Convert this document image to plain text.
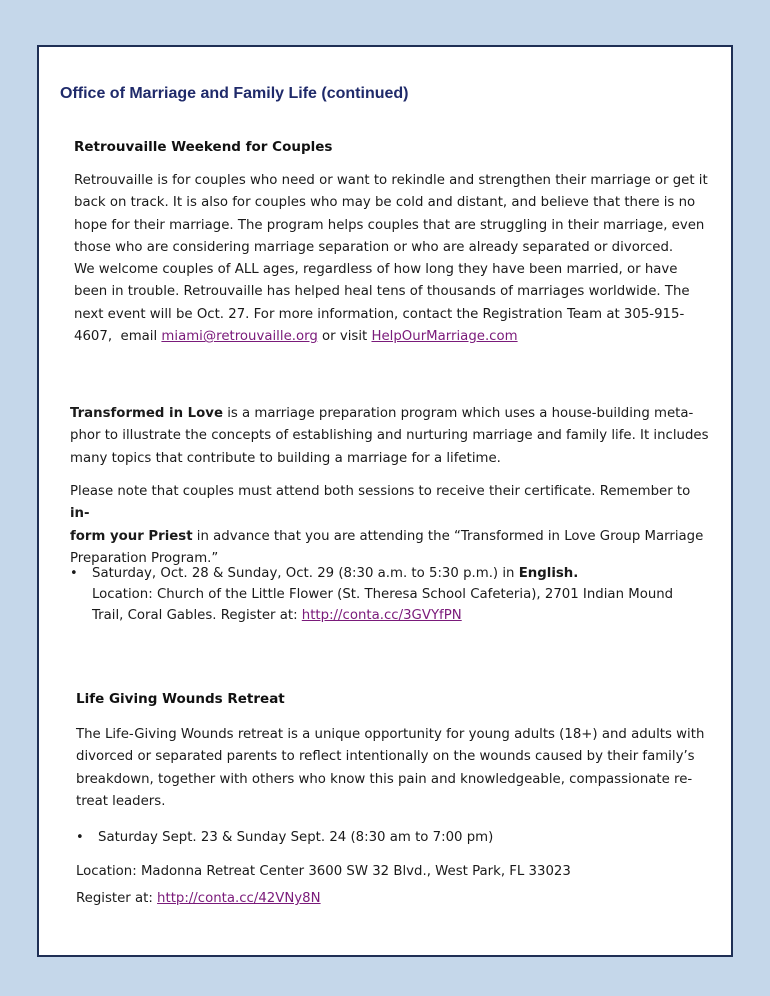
Office of Marriage and Family Life (continued)
Retrouvaille Weekend for Couples
Retrouvaille is for couples who need or want to rekindle and strengthen their marriage or get it
back on track. It is also for couples who may be cold and distant, and believe that there is no
hope for their marriage. The program helps couples that are struggling in their marriage, even
those who are considering marriage separation or who are already separated or divorced.
We welcome couples of ALL ages, regardless of how long they have been married, or have
been in trouble. Retrouvaille has helped heal tens of thousands of marriages worldwide. The
next event will be Oct. 27. For more information, contact the Registration Team at 305-915-
4607,  email miami@retrouvaille.org or visit HelpOurMarriage.com
Transformed in Love is a marriage preparation program which uses a house-building meta-
phor to illustrate the concepts of establishing and nurturing marriage and family life. It includes
many topics that contribute to building a marriage for a lifetime.
Please note that couples must attend both sessions to receive their certificate. Remember to in-
form your Priest in advance that you are attending the “Transformed in Love Group Marriage
Preparation Program.”
• Saturday, Oct. 28 & Sunday, Oct. 29 (8:30 a.m. to 5:30 p.m.) in English.
Location: Church of the Little Flower (St. Theresa School Cafeteria), 2701 Indian Mound
Trail, Coral Gables. Register at: http://conta.cc/3GVYfPN
Life Giving Wounds Retreat
The Life-Giving Wounds retreat is a unique opportunity for young adults (18+) and adults with
divorced or separated parents to reflect intentionally on the wounds caused by their family’s
breakdown, together with others who know this pain and knowledgeable, compassionate re-
treat leaders.
• Saturday Sept. 23 & Sunday Sept. 24 (8:30 am to 7:00 pm)
Location: Madonna Retreat Center 3600 SW 32 Blvd., West Park, FL 33023
Register at: http://conta.cc/42VNy8N
